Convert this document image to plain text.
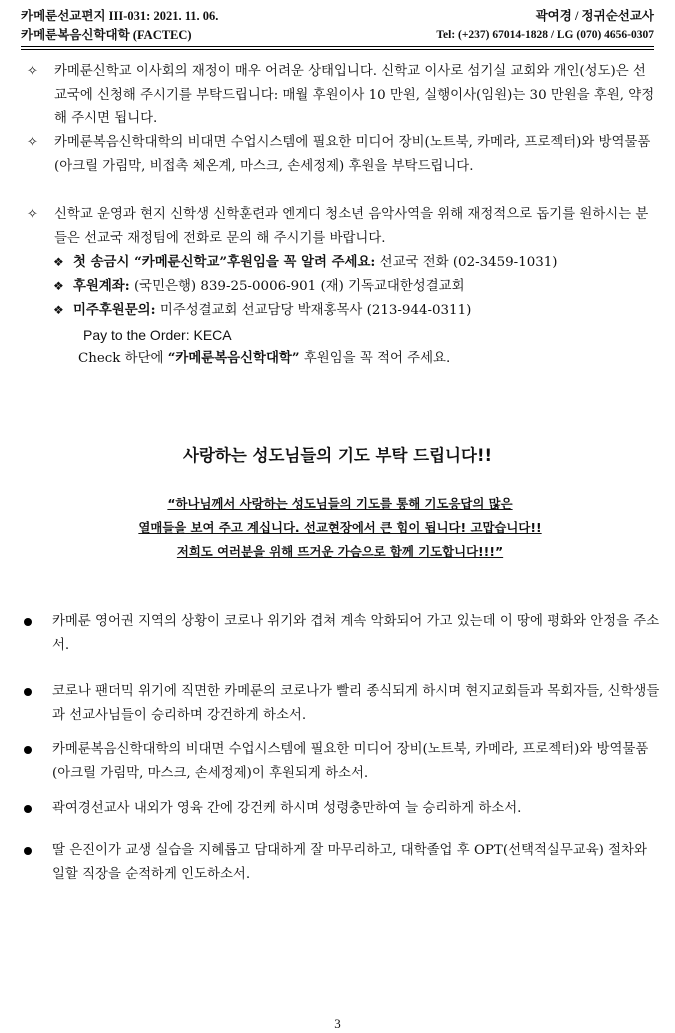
카메룬선교편지 III-031: 2021. 11. 06.
카메룬복음신학대학 (FACTEC)
곽여경 / 정귀순선교사
Tel: (+237) 67014-1828 / LG (070) 4656-0307
✧ 카메룬신학교 이사회의 재정이 매우 어려운 상태입니다. 신학교 이사로 섬기실 교회와 개인(성도)은 선교국에 신청해 주시기를 부탁드립니다: 매월 후원이사 10 만원, 실행이사(임원)는 30 만원을 후원, 약정해 주시면 됩니다.
✧ 카메룬복음신학대학의 비대면 수업시스템에 필요한 미디어 장비(노트북, 카메라, 프로젝터)와 방역물품(아크릴 가림막, 비접촉 체온계, 마스크, 손세정제) 후원을 부탁드립니다.
✧ 신학교 운영과 현지 신학생 신학훈련과 엔게디 청소년 음악사역을 위해 재정적으로 돕기를 원하시는 분들은 선교국 재정팀에 전화로 문의 해 주시기를 바랍니다.
❖ 첫 송금시 “카메룬신학교”후원임을 꼭 알려 주세요: 선교국 전화 (02-3459-1031)
❖ 후원계좌: (국민은행) 839-25-0006-901 (재) 기독교대한성결교회
❖ 미주후원문의: 미주성결교회 선교담당 박재홍목사 (213-944-0311)
Pay to the Order: KECA
Check 하단에 “카메룬복음신학대학” 후원임을 꼭 적어 주세요.
사랑하는 성도님들의 기도 부탁 드립니다!!
“하나님께서 사랑하는 성도님들의 기도를 통해 기도응답의 많은
열매들을 보여 주고 계십니다. 선교현장에서 큰 힘이 됩니다! 고맙습니다!!
저희도 여러분을 위해 뜨거운 가슴으로 함께 기도합니다!!!”
카메룬 영어권 지역의 상황이 코로나 위기와 겹쳐 계속 악화되어 가고 있는데 이 땅에 평화와 안정을 주소서.
코로나 팬더믹 위기에 직면한 카메룬의 코로나가 빨리 종식되게 하시며 현지교회들과 목회자들, 신학생들과 선교사님들이 승리하며 강건하게 하소서.
카메룬복음신학대학의 비대면 수업시스템에 필요한 미디어 장비(노트북, 카메라, 프로젝터)와 방역물품(아크릴 가림막, 마스크, 손세정제)이 후원되게 하소서.
곽여경선교사 내외가 영육 간에 강건케 하시며 성령충만하여 늘 승리하게 하소서.
딸 은진이가 교생 실습을 지혜롭고 담대하게 잘 마무리하고, 대학졸업 후 OPT(선택적실무교육) 절차와 일할 직장을 순적하게 인도하소서.
3
